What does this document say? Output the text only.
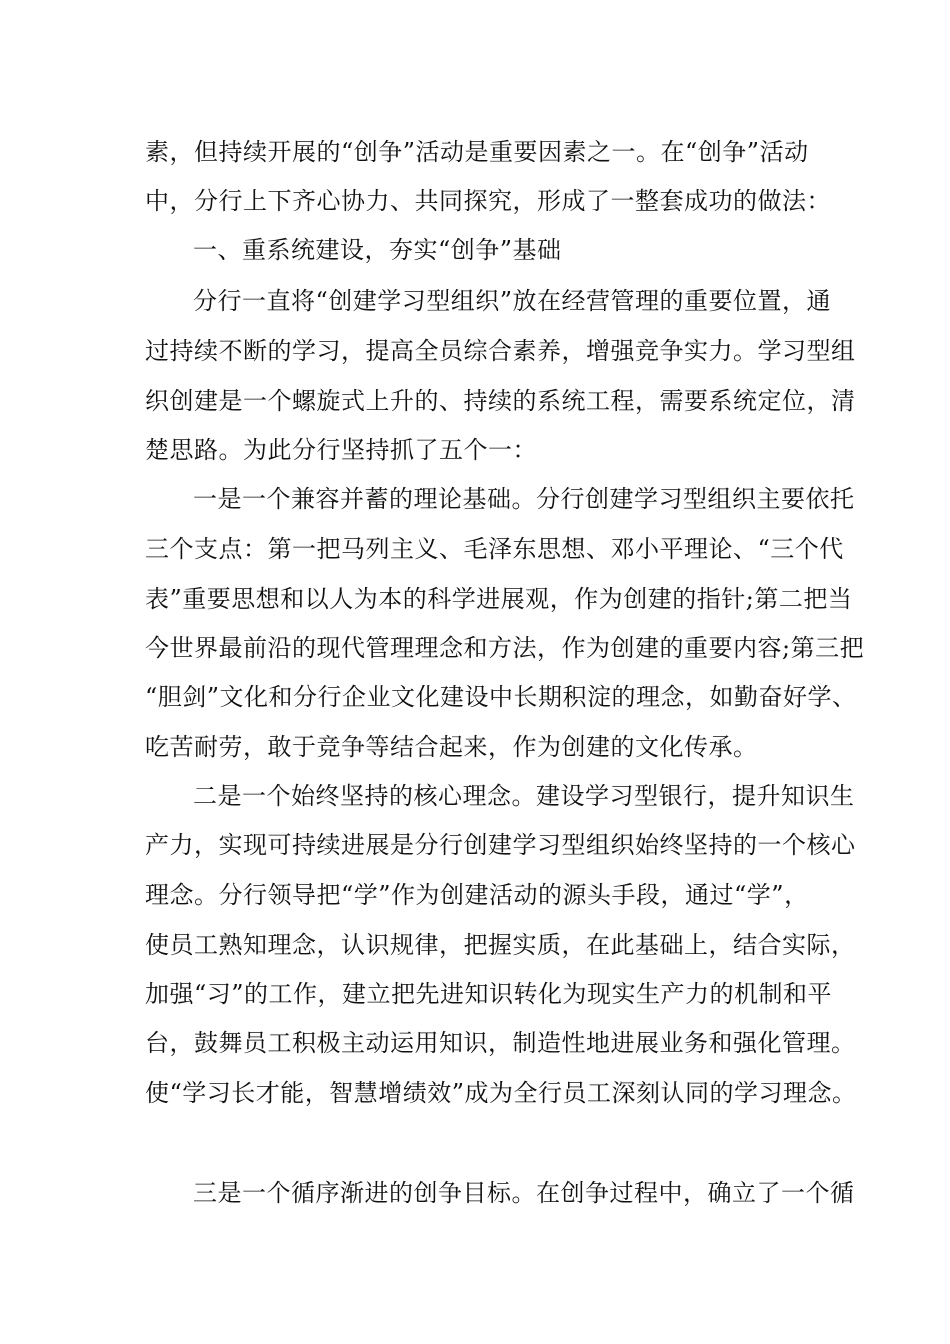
素，但持续开展的“创争”活动是重要因素之一。在“创争”活动
中，分行上下齐心协力、共同探究，形成了一整套成功的做法：
一、重系统建设，夯实“创争”基础
分行一直将“创建学习型组织”放在经营管理的重要位置，通
过持续不断的学习，提高全员综合素养，增强竞争实力。学习型组
织创建是一个螺旋式上升的、持续的系统工程，需要系统定位，清
楚思路。为此分行坚持抓了五个一：
一是一个兼容并蓄的理论基础。分行创建学习型组织主要依托
三个支点：第一把马列主义、毛泽东思想、邓小平理论、“三个代
表”重要思想和以人为本的科学进展观，作为创建的指针;第二把当
今世界最前沿的现代管理理念和方法，作为创建的重要内容;第三把
“胆剑”文化和分行企业文化建设中长期积淀的理念，如勤奋好学、
吃苦耐劳，敢于竞争等结合起来，作为创建的文化传承。
二是一个始终坚持的核心理念。建设学习型银行，提升知识生
产力，实现可持续进展是分行创建学习型组织始终坚持的一个核心
理念。分行领导把“学”作为创建活动的源头手段，通过“学”，
使员工熟知理念，认识规律，把握实质，在此基础上，结合实际，
加强“习”的工作，建立把先进知识转化为现实生产力的机制和平
台，鼓舞员工积极主动运用知识，制造性地进展业务和强化管理。
使“学习长才能，智慧增绩效”成为全行员工深刻认同的学习理念。
三是一个循序渐进的创争目标。在创争过程中，确立了一个循
